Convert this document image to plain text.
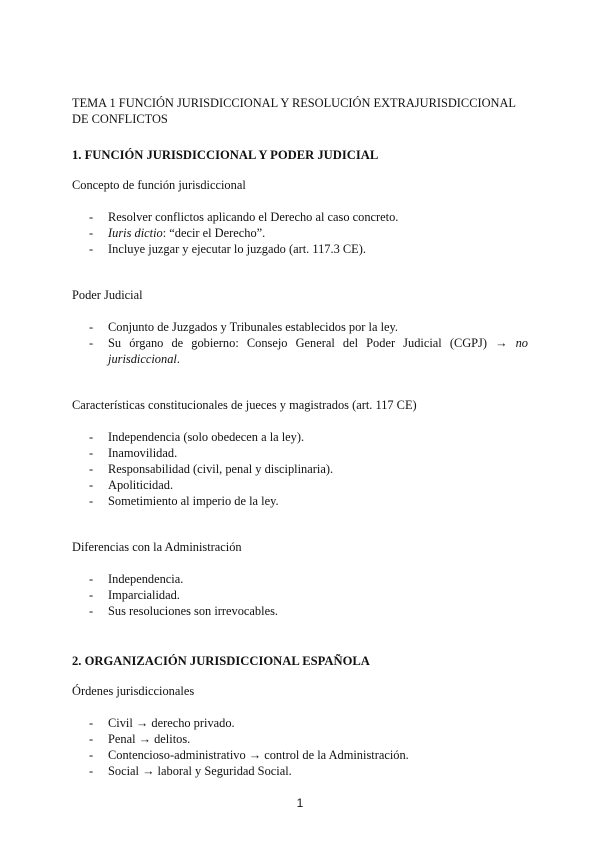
TEMA 1 FUNCIÓN JURISDICCIONAL Y RESOLUCIÓN EXTRAJURISDICCIONAL DE CONFLICTOS

1. FUNCIÓN JURISDICCIONAL Y PODER JUDICIAL

Concepto de función jurisdiccional

- Resolver conflictos aplicando el Derecho al caso concreto.
- Iuris dictio: “decir el Derecho”.
- Incluye juzgar y ejecutar lo juzgado (art. 117.3 CE).

Poder Judicial

- Conjunto de Juzgados y Tribunales establecidos por la ley.
- Su órgano de gobierno: Consejo General del Poder Judicial (CGPJ) → no jurisdiccional.

Características constitucionales de jueces y magistrados (art. 117 CE)

- Independencia (solo obedecen a la ley).
- Inamovilidad.
- Responsabilidad (civil, penal y disciplinaria).
- Apoliticidad.
- Sometimiento al imperio de la ley.

Diferencias con la Administración

- Independencia.
- Imparcialidad.
- Sus resoluciones son irrevocables.

2. ORGANIZACIÓN JURISDICCIONAL ESPAÑOLA

Órdenes jurisdiccionales

- Civil → derecho privado.
- Penal → delitos.
- Contencioso-administrativo → control de la Administración.
- Social → laboral y Seguridad Social.
1
